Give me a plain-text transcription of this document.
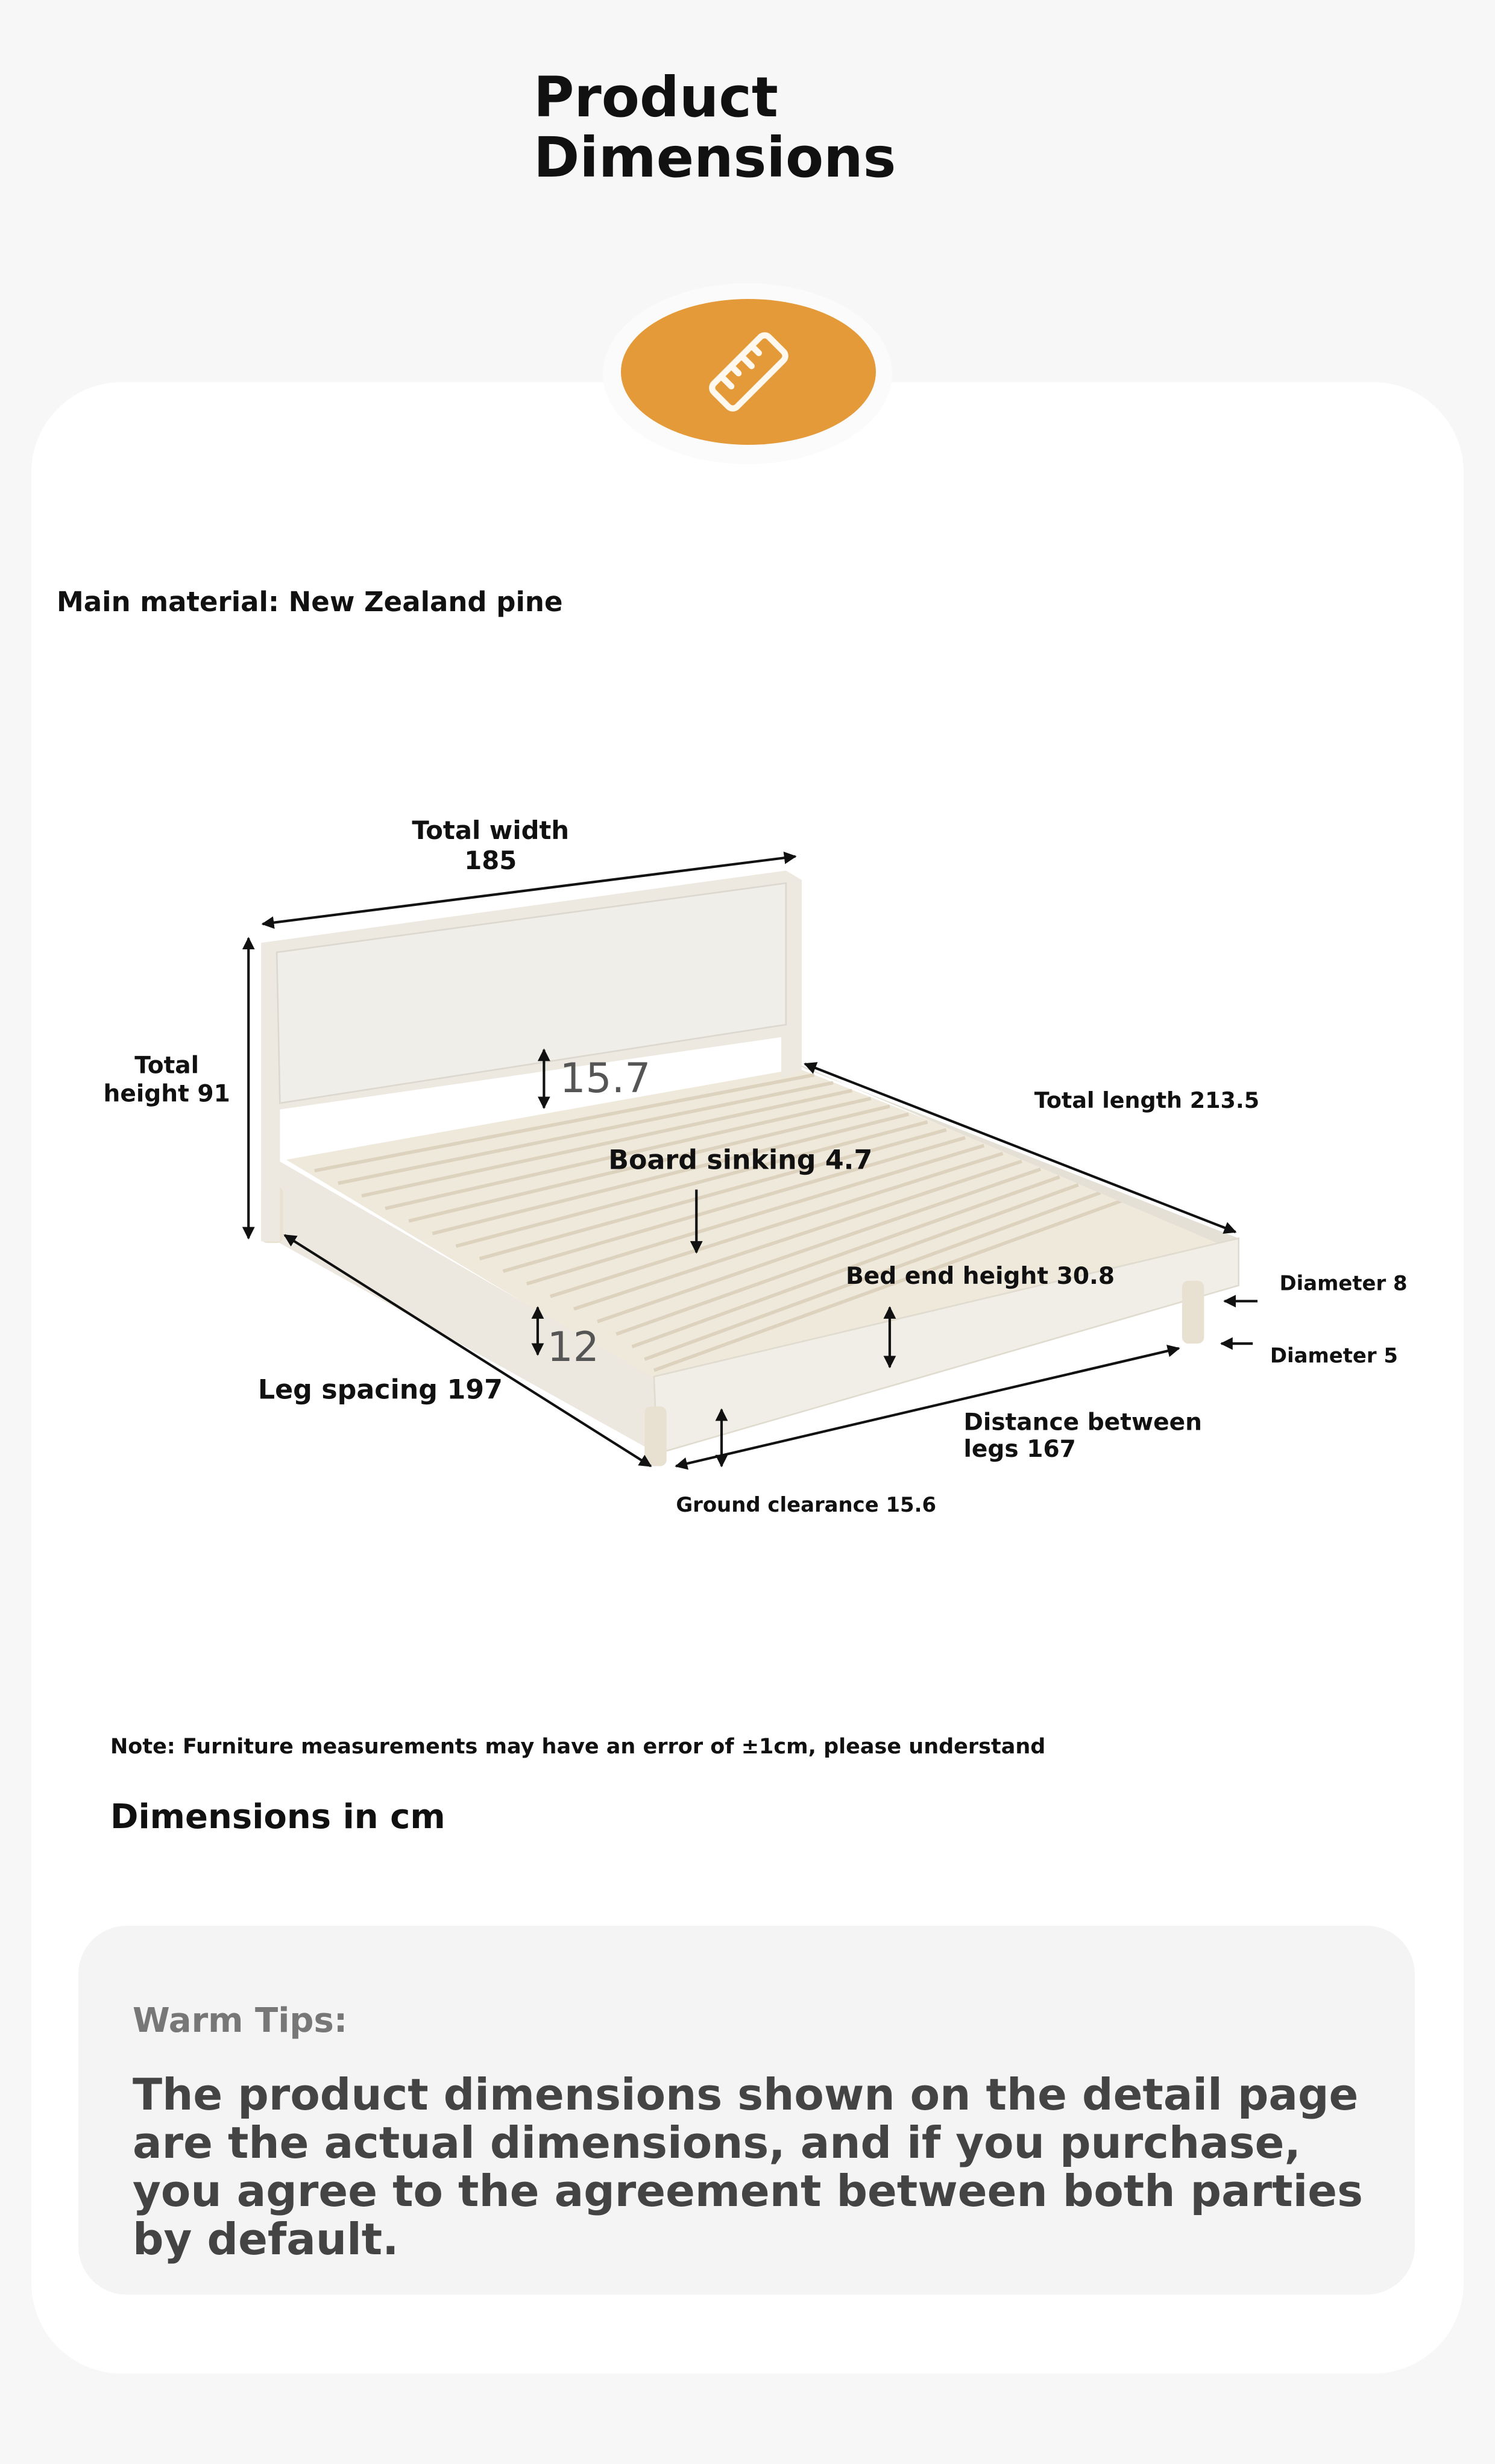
Product
Dimensions
Main material: New Zealand pine
Total width
185
Total
height 91	Total length 213.5
Board sinking 4.7
Bed end height 30.8	Diameter 8
Diameter 5
Leg spacing 197
Distance between
legs 167
Ground clearance 15.6
15.7
12
Note: Furniture measurements may have an error of ±1cm, please understand
Dimensions in cm
Warm Tips:
The product dimensions shown on the detail page are the actual dimensions, and if you purchase, you agree to the agreement between both parties by default.
